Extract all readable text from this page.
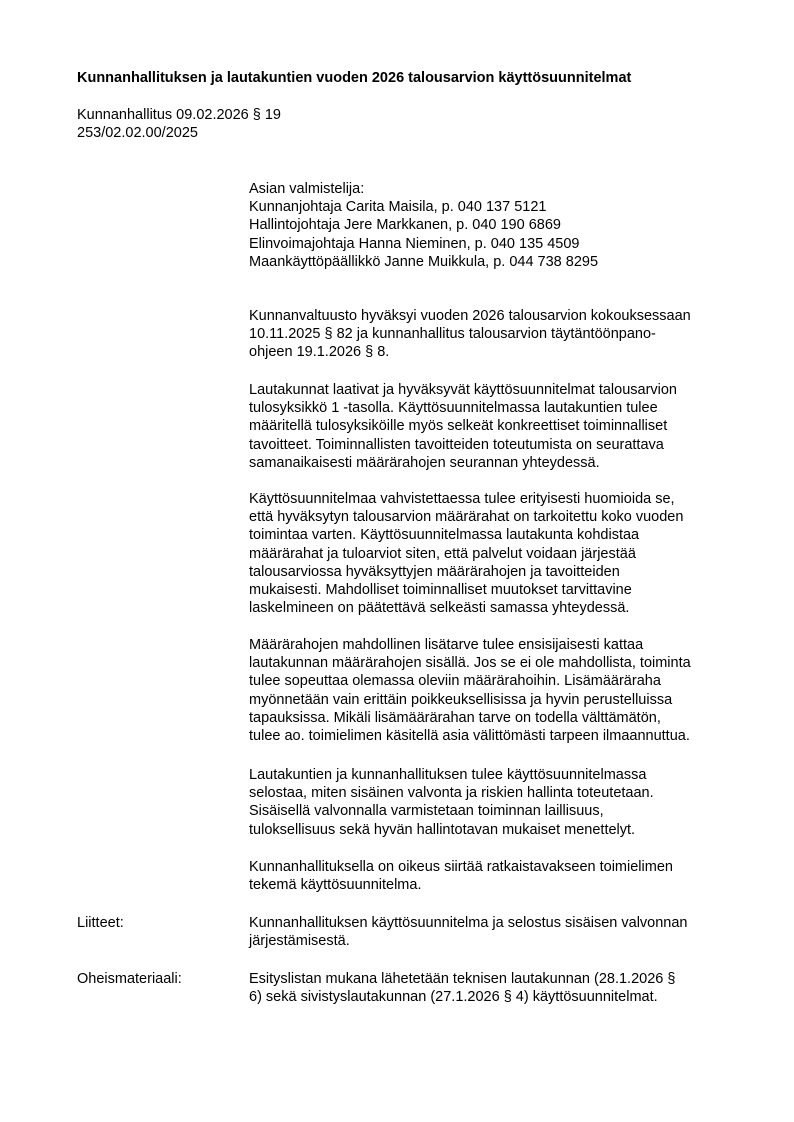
Kunnanhallituksen ja lautakuntien vuoden 2026 talousarvion käyttösuunnitelmat
Kunnanhallitus 09.02.2026 § 19
253/02.02.00/2025
Asian valmistelija:
Kunnanjohtaja Carita Maisila, p. 040 137 5121
Hallintojohtaja Jere Markkanen, p. 040 190 6869
Elinvoimajohtaja Hanna Nieminen, p. 040 135 4509
Maankäyttöpäällikkö Janne Muikkula, p. 044 738 8295
Kunnanvaltuusto hyväksyi vuoden 2026 talousarvion kokouksessaan
10.11.2025 § 82 ja kunnanhallitus talousarvion täytäntöönpano-
ohjeen 19.1.2026 § 8.
Lautakunnat laativat ja hyväksyvät käyttösuunnitelmat talousarvion
tulosyksikkö 1 -tasolla. Käyttösuunnitelmassa lautakuntien tulee
määritellä tulosyksiköille myös selkeät konkreettiset toiminnalliset
tavoitteet. Toiminnallisten tavoitteiden toteutumista on seurattava
samanaikaisesti määrärahojen seurannan yhteydessä.
Käyttösuunnitelmaa vahvistettaessa tulee erityisesti huomioida se,
että hyväksytyn talousarvion määrärahat on tarkoitettu koko vuoden
toimintaa varten. Käyttösuunnitelmassa lautakunta kohdistaa
määrärahat ja tuloarviot siten, että palvelut voidaan järjestää
talousarviossa hyväksyttyjen määrärahojen ja tavoitteiden
mukaisesti. Mahdolliset toiminnalliset muutokset tarvittavine
laskelmineen on päätettävä selkeästi samassa yhteydessä.
Määrärahojen mahdollinen lisätarve tulee ensisijaisesti kattaa
lautakunnan määrärahojen sisällä. Jos se ei ole mahdollista, toiminta
tulee sopeuttaa olemassa oleviin määrärahoihin. Lisämääräraha
myönnetään vain erittäin poikkeuksellisissa ja hyvin perustelluissa
tapauksissa. Mikäli lisämäärärahan tarve on todella välttämätön,
tulee ao. toimielimen käsitellä asia välittömästi tarpeen ilmaannuttua.
Lautakuntien ja kunnanhallituksen tulee käyttösuunnitelmassa
selostaa, miten sisäinen valvonta ja riskien hallinta toteutetaan.
Sisäisellä valvonnalla varmistetaan toiminnan laillisuus,
tuloksellisuus sekä hyvän hallintotavan mukaiset menettelyt.
Kunnanhallituksella on oikeus siirtää ratkaistavakseen toimielimen
tekemä käyttösuunnitelma.
Liitteet:	Kunnanhallituksen käyttösuunnitelma ja selostus sisäisen valvonnan
järjestämisestä.
Oheismateriaali:	Esityslistan mukana lähetetään teknisen lautakunnan (28.1.2026 §
6) sekä sivistyslautakunnan (27.1.2026 § 4) käyttösuunnitelmat.
